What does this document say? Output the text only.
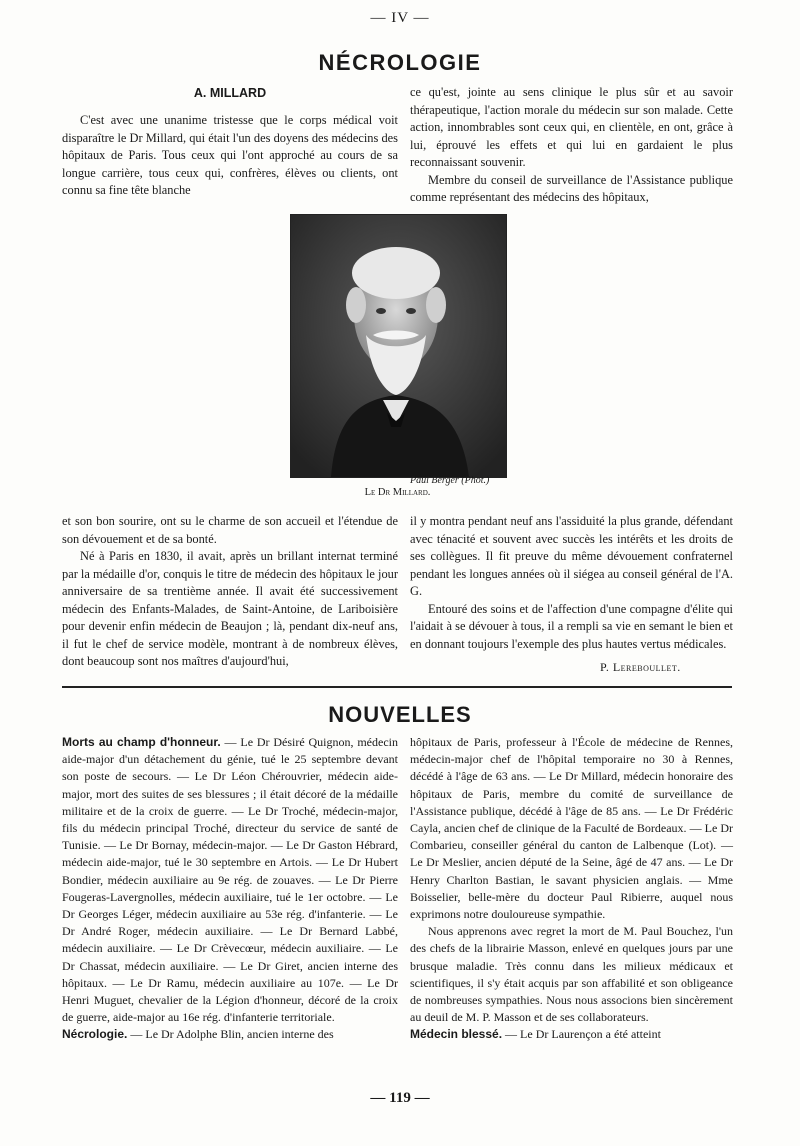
— IV —
NÉCROLOGIE
A. MILLARD

C'est avec une unanime tristesse que le corps médical voit disparaître le Dr Millard, qui était l'un des doyens des médecins des hôpitaux de Paris. Tous ceux qui l'ont approché au cours de sa longue carrière, tous ceux qui, confrères, élèves ou clients, ont connu sa fine tête blanche

ce qu'est, jointe au sens clinique le plus sûr et au savoir thérapeutique, l'action morale du médecin sur son malade. Cette action, innombrables sont ceux qui, en clientèle, en ont, grâce à lui, éprouvé les effets et qui lui en gardaient le plus reconnaissant souvenir.

Membre du conseil de surveillance de l'Assistance publique comme représentant des médecins des hôpitaux,

Paul Berger (Phot.)
Le Dr Millard.

et son bon sourire, ont su le charme de son accueil et l'étendue de son dévouement et de sa bonté.

Né à Paris en 1830, il avait, après un brillant internat terminé par la médaille d'or, conquis le titre de médecin des hôpitaux le jour anniversaire de sa trentième année. Il avait été successivement médecin des Enfants-Malades, de Saint-Antoine, de Lariboisière pour devenir enfin médecin de Beaujon ; là, pendant dix-neuf ans, il fut le chef de service modèle, montrant à de nombreux élèves, dont beaucoup sont nos maîtres d'aujourd'hui,

il y montra pendant neuf ans l'assiduité la plus grande, défendant avec ténacité et souvent avec succès les intérêts et les droits de ses collègues. Il fit preuve du même dévouement confraternel pendant les longues années où il siégea au conseil général de l'A. G.

Entouré des soins et de l'affection d'une compagne d'élite qui l'aidait à se dévouer à tous, il a rempli sa vie en semant le bien et en donnant toujours l'exemple des plus hautes vertus médicales.

P. Lereboullet.
NOUVELLES

Morts au champ d'honneur. — Le Dr Désiré Quignon, médecin aide-major d'un détachement du génie, tué le 25 septembre devant son poste de secours. — Le Dr Léon Chérouvrier, médecin aide-major, mort des suites de ses blessures ; il était décoré de la médaille militaire et de la croix de guerre. — Le Dr Troché, médecin-major, fils du médecin principal Troché, directeur du service de santé de Tunisie. — Le Dr Bornay, médecin-major. — Le Dr Gaston Hébrard, médecin aide-major, tué le 30 septembre en Artois. — Le Dr Hubert Bondier, médecin auxiliaire au 9e rég. de zouaves. — Le Dr Pierre Fougeras-Lavergnolles, médecin auxiliaire, tué le 1er octobre. — Le Dr Georges Léger, médecin auxiliaire au 53e rég. d'infanterie. — Le Dr André Roger, médecin auxiliaire. — Le Dr Bernard Labbé, médecin auxiliaire. — Le Dr Crèvecœur, médecin auxiliaire. — Le Dr Chassat, médecin auxiliaire. — Le Dr Giret, ancien interne des hôpitaux. — Le Dr Ramu, médecin auxiliaire au 107e. — Le Dr Henri Muguet, chevalier de la Légion d'honneur, décoré de la croix de guerre, aide-major au 16e rég. d'infanterie territoriale.

Nécrologie. — Le Dr Adolphe Blin, ancien interne des

hôpitaux de Paris, professeur à l'École de médecine de Rennes, médecin-major chef de l'hôpital temporaire no 30 à Rennes, décédé à l'âge de 63 ans. — Le Dr Millard, médecin honoraire des hôpitaux de Paris, membre du comité de surveillance de l'Assistance publique, décédé à l'âge de 85 ans. — Le Dr Frédéric Cayla, ancien chef de clinique de la Faculté de Bordeaux. — Le Dr Combarieu, conseiller général du canton de Lalbenque (Lot). — Le Dr Meslier, ancien député de la Seine, âgé de 47 ans. — Le Dr Henry Charlton Bastian, le savant physicien anglais. — Mme Boisselier, belle-mère du docteur Paul Ribierre, auquel nous exprimons notre douloureuse sympathie.

Nous apprenons avec regret la mort de M. Paul Bouchez, l'un des chefs de la librairie Masson, enlevé en quelques jours par une brusque maladie. Très connu dans les milieux médicaux et scientifiques, il s'y était acquis par son affabilité et son obligeance de nombreuses sympathies. Nous nous associons bien sincèrement au deuil de M. P. Masson et de ses collaborateurs.

Médecin blessé. — Le Dr Laurençon a été atteint

— 119 —
